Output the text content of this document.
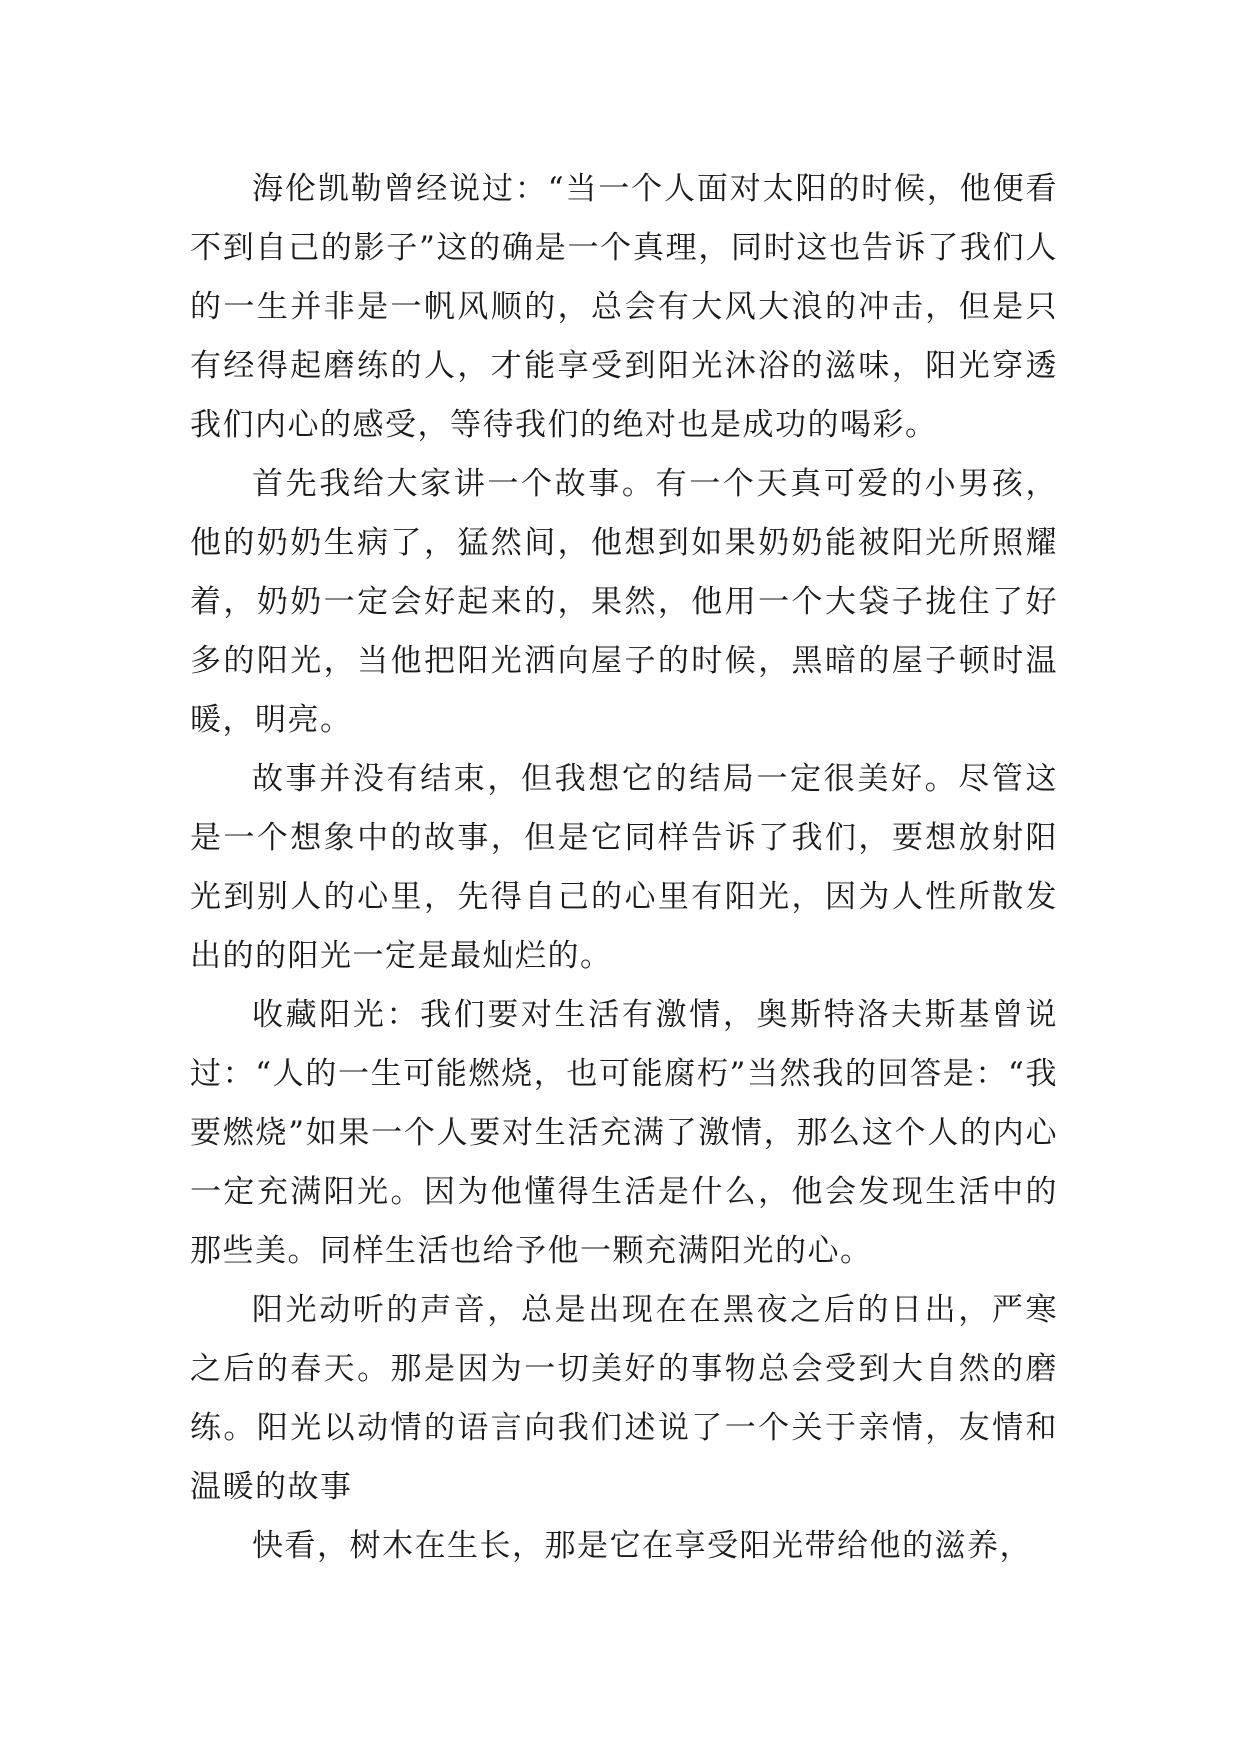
海伦凯勒曾经说过：“当一个人面对太阳的时候，他便看不到自己的影子”这的确是一个真理，同时这也告诉了我们人的一生并非是一帆风顺的，总会有大风大浪的冲击，但是只有经得起磨练的人，才能享受到阳光沐浴的滋味，阳光穿透我们内心的感受，等待我们的绝对也是成功的喝彩。

首先我给大家讲一个故事。有一个天真可爱的小男孩，他的奶奶生病了，猛然间，他想到如果奶奶能被阳光所照耀着，奶奶一定会好起来的，果然，他用一个大袋子拢住了好多的阳光，当他把阳光洒向屋子的时候，黑暗的屋子顿时温暖，明亮。

故事并没有结束，但我想它的结局一定很美好。尽管这是一个想象中的故事，但是它同样告诉了我们，要想放射阳光到别人的心里，先得自己的心里有阳光，因为人性所散发出的的阳光一定是最灿烂的。

收藏阳光：我们要对生活有激情，奥斯特洛夫斯基曾说过：“人的一生可能燃烧，也可能腐朽”当然我的回答是：“我要燃烧”如果一个人要对生活充满了激情，那么这个人的内心一定充满阳光。因为他懂得生活是什么，他会发现生活中的那些美。同样生活也给予他一颗充满阳光的心。

阳光动听的声音，总是出现在在黑夜之后的日出，严寒之后的春天。那是因为一切美好的事物总会受到大自然的磨练。阳光以动情的语言向我们述说了一个关于亲情，友情和温暖的故事

快看，树木在生长，那是它在享受阳光带给他的滋养，
